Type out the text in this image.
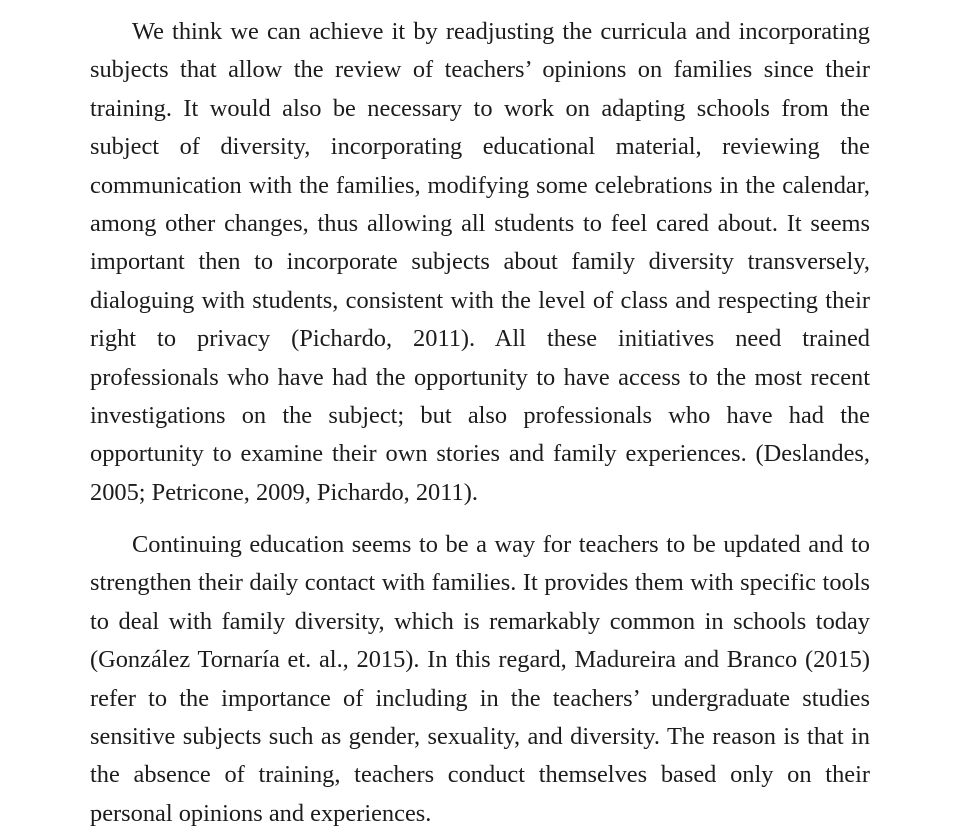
We think we can achieve it by readjusting the curricula and incorporating subjects that allow the review of teachers’ opinions on families since their training. It would also be necessary to work on adapting schools from the subject of diversity, incorporating educational material, reviewing the communication with the families, modifying some celebrations in the calendar, among other changes, thus allowing all students to feel cared about. It seems important then to incorporate subjects about family diversity transversely, dialoguing with students, consistent with the level of class and respecting their right to privacy (Pichardo, 2011). All these initiatives need trained professionals who have had the opportunity to have access to the most recent investigations on the subject; but also professionals who have had the opportunity to examine their own stories and family experiences. (Deslandes, 2005; Petricone, 2009, Pichardo, 2011).

Continuing education seems to be a way for teachers to be updated and to strengthen their daily contact with families. It provides them with specific tools to deal with family diversity, which is remarkably common in schools today (González Tornaría et. al., 2015). In this regard, Madureira and Branco (2015) refer to the importance of including in the teachers’ undergraduate studies sensitive subjects such as gender, sexuality, and diversity. The reason is that in the absence of training, teachers conduct themselves based only on their personal opinions and experiences.
